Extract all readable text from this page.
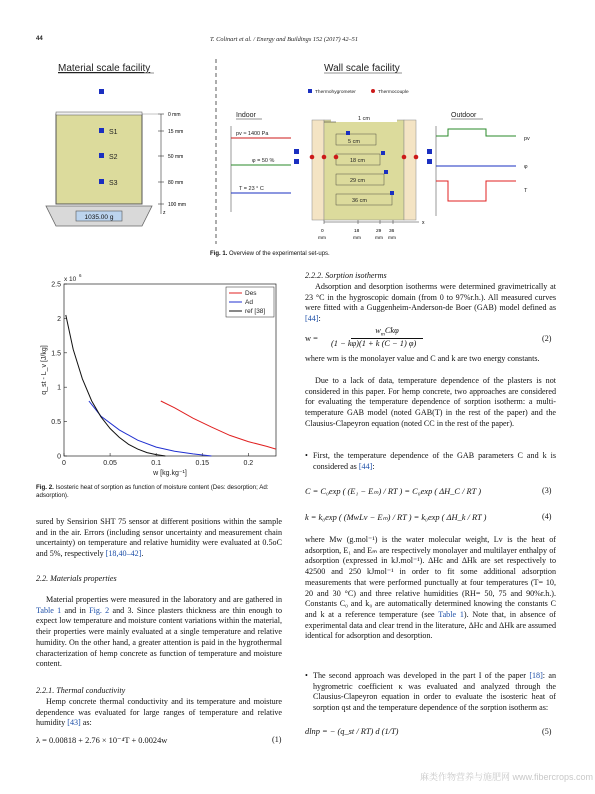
44	T. Colinart et al. / Energy and Buildings 152 (2017) 42–51
Material scale facility
S1
S2
S3
0 mm
15 mm
50 mm
80 mm
100 mm
z
1035.00 g
Wall scale facility
Thermohygrometer	Thermocouple
Indoor
pv ≈ 1400 Pa
φ = 50 %
T = 23 ° C
1 cm
5 cm
18 cm
29 cm
36 cm
x
0
mm
18
mm
29
mm
36
mm
Outdoor
pv
φ
T
Fig. 1. Overview of the experimental set-ups.
0	0.05	0.1	0.15	0.2
0
0.5
1
1.5
2
2.5
x 10
6
w [kg.kg⁻¹]
q_st - L_v [J/kg]
Des
Ad
ref [38]
Fig. 2. Isosteric heat of sorption as function of moisture content (Des: desorption; Ad: adsorption).
sured by Sensirion SHT 75 sensor at different positions within the sample and in the air. Errors (including sensor uncertainty and measurement chain uncertainty) on temperature and relative humidity were evaluated at 0.5oC and 5%, respectively [18,40–42].
2.2. Materials properties
Material properties were measured in the laboratory and are gathered in Table 1 and in Fig. 2 and 3. Since plasters thickness are thin enough to expect low temperature and moisture content variations within the material, their properties were mainly evaluated at a single temperature and relative humidity. On the other hand, a greater attention is paid in the hygrothermal characterization of hemp concrete as function of temperature and moisture content.
2.2.1. Thermal conductivity
Hemp concrete thermal conductivity and its temperature and moisture dependence was evaluated for large ranges of temperature and relative humidity [43] as:
λ = 0.00818 + 2.76 × 10⁻⁴T + 0.0024w	(1)
2.2.2. Sorption isotherms
Adsorption and desorption isotherms were determined gravimetrically at 23 °C in the hygroscopic domain (from 0 to 97%r.h.). All measured curves were fitted with a Guggenheim-Anderson-de Boer (GAB) model defined as [44]:
w =
$w_mCk\varphi$
(1 − kφ)(1 + k (C − 1) φ)
(2)
where wm is the monolayer value and C and k are two energy constants.
Due to a lack of data, temperature dependence of the plasters is not considered in this paper. For hemp concrete, two approaches are considered for evaluating the temperature dependence of sorption isotherm: a multi-temperature GAB model (noted GAB(T) in the rest of the paper) and the Clausius-Clapeyron equation (noted CC in the rest of the paper).
• First, the temperature dependence of the GAB parameters C and k is considered as [44]:
C = C₀exp ( (E₁ − Eₘ) / RT ) = C₀exp ( ΔH_C / RT )	(3)
k = k₀exp ( (MwLv − Eₘ) / RT ) = k₀exp ( ΔH_k / RT )	(4)
where Mw (g.mol⁻¹) is the water molecular weight, Lv is the heat of adsorption, E₁ and Eₘ are respectively monolayer and multilayer enthalpy of adsorption (expressed in kJ.mol⁻¹). ΔHc and ΔHk are set respectively to 42500 and 250 kJmol⁻¹ in order to fit some additional adsorption measurements that were performed punctually at four temperatures (T= 10, 20 and 30 °C) and three relative humidities (RH= 50, 75 and 90%r.h.). Constants C₀ and k₀ are automatically determined knowing the constants C and k at a reference temperature (see Table 1). Note that, in absence of experimental data and clear trend in the literature, ΔHc and ΔHk are assumed identical for adsorption and desorption.
• The second approach was developed in the part I of the paper [18]: an hygrometric coefficient κ was evaluated and analyzed through the Clausius-Clapeyron equation in order to evaluate the isosteric heat of sorption qst and the temperature dependence of the sorption isotherm as:
dlnp = − (q_st / RT) d (1/T)	(5)
麻类作物营养与施肥网 www.fibercrops.com
